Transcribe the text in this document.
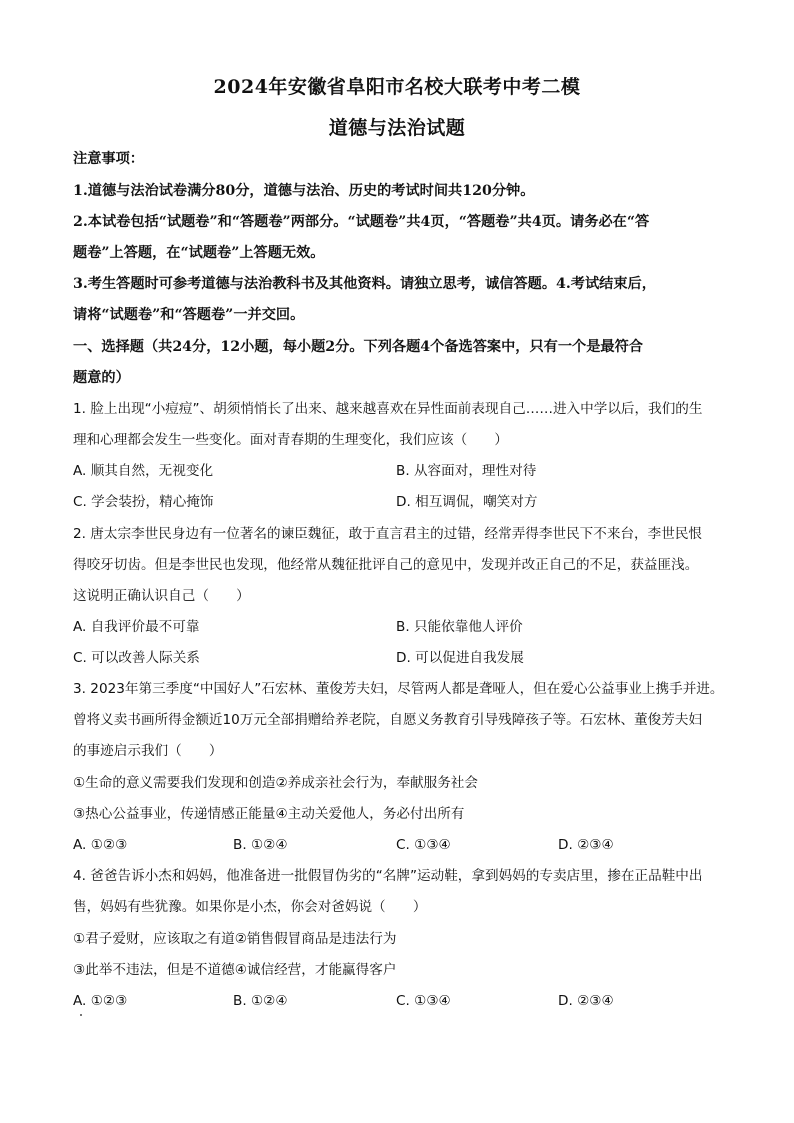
2024年安徽省阜阳市名校大联考中考二模
道德与法治试题
注意事项：
1.道德与法治试卷满分80分，道德与法治、历史的考试时间共120分钟。
2.本试卷包括“试题卷”和“答题卷”两部分。“试题卷”共4页，“答题卷”共4页。请务必在“答
题卷”上答题，在“试题卷”上答题无效。
3.考生答题时可参考道德与法治教科书及其他资料。请独立思考，诚信答题。4.考试结束后，
请将“试题卷”和“答题卷”一并交回。
一、选择题（共24分，12小题，每小题2分。下列各题4个备选答案中，只有一个是最符合
题意的）
1. 脸上出现“小痘痘”、胡须悄悄长了出来、越来越喜欢在异性面前表现自己……进入中学以后，我们的生
理和心理都会发生一些变化。面对青春期的生理变化，我们应该（　　）
A. 顺其自然，无视变化	B. 从容面对，理性对待
C. 学会装扮，精心掩饰	D. 相互调侃，嘲笑对方
2. 唐太宗李世民身边有一位著名的谏臣魏征，敢于直言君主的过错，经常弄得李世民下不来台，李世民恨
得咬牙切齿。但是李世民也发现，他经常从魏征批评自己的意见中，发现并改正自己的不足，获益匪浅。
这说明正确认识自己（　　）
A. 自我评价最不可靠	B. 只能依靠他人评价
C. 可以改善人际关系	D. 可以促进自我发展
3. 2023年第三季度“中国好人”石宏林、董俊芳夫妇，尽管两人都是聋哑人，但在爱心公益事业上携手并进。
曾将义卖书画所得金额近10万元全部捐赠给养老院，自愿义务教育引导残障孩子等。石宏林、董俊芳夫妇
的事迹启示我们（　　）
①生命的意义需要我们发现和创造②养成亲社会行为，奉献服务社会
③热心公益事业，传递情感正能量④主动关爱他人，务必付出所有
A. ①②③	B. ①②④	C. ①③④	D. ②③④
4. 爸爸告诉小杰和妈妈，他准备进一批假冒伪劣的“名牌”运动鞋，拿到妈妈的专卖店里，掺在正品鞋中出
售，妈妈有些犹豫。如果你是小杰，你会对爸妈说（　　）
①君子爱财，应该取之有道②销售假冒商品是违法行为
③此举不违法，但是不道德④诚信经营，才能赢得客户
A. ①②③	B. ①②④	C. ①③④	D. ②③④
